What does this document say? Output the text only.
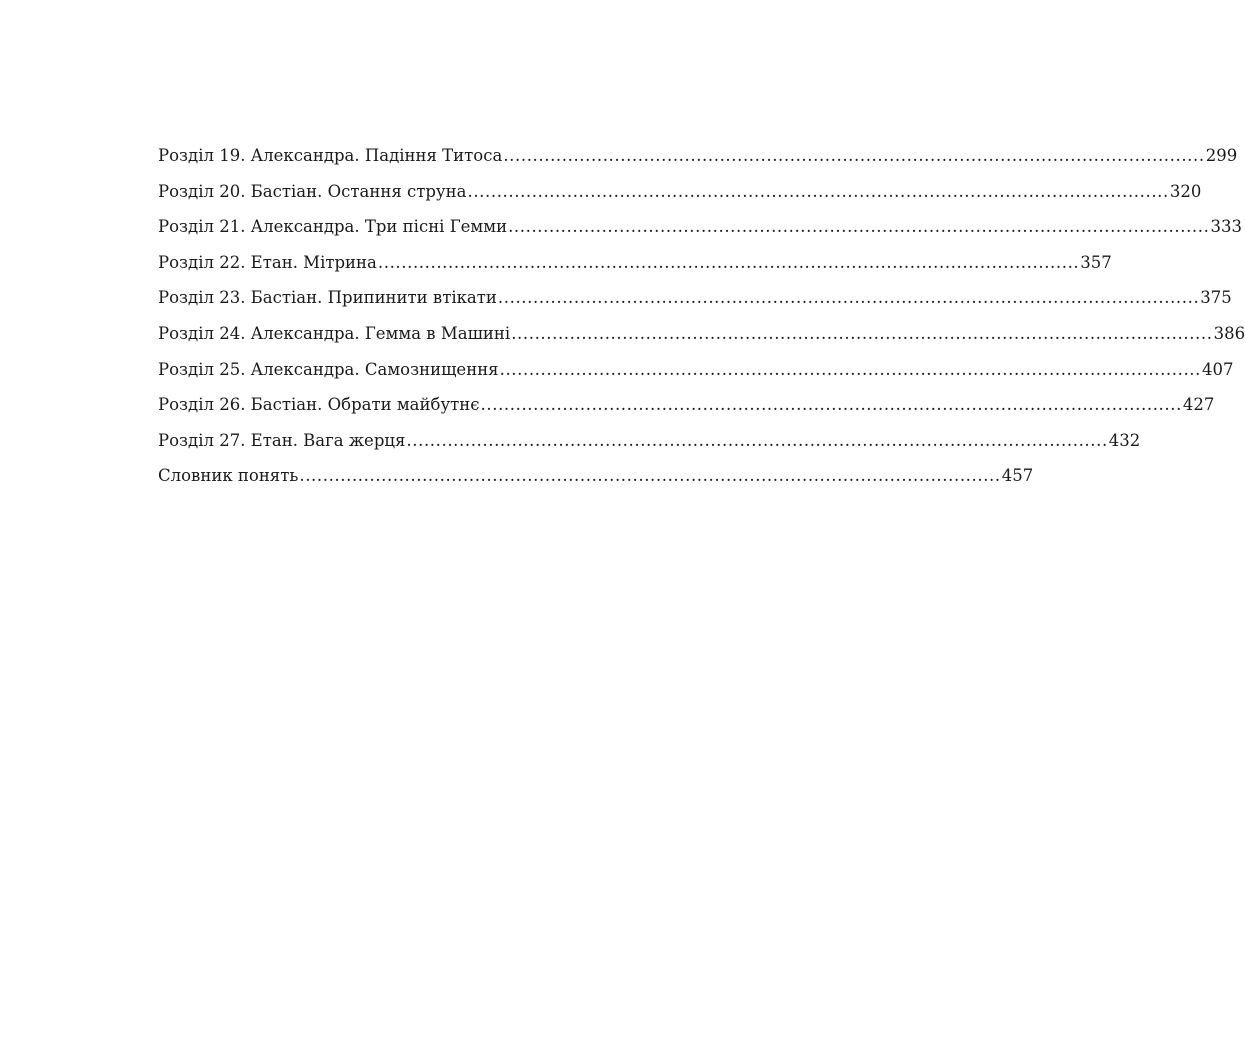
Розділ 19. Александра. Падіння Титоса ........................................................................................................................ 299
Розділ 20. Бастіан. Остання струна ........................................................................................................................ 320
Розділ 21. Александра. Три пісні Гемми ........................................................................................................................ 333
Розділ 22. Етан. Мітрина ........................................................................................................................ 357
Розділ 23. Бастіан. Припинити втікати ........................................................................................................................ 375
Розділ 24. Александра. Гемма в Машині ........................................................................................................................ 386
Розділ 25. Александра. Самознищення ........................................................................................................................ 407
Розділ 26. Бастіан. Обрати майбутнє ........................................................................................................................ 427
Розділ 27. Етан. Вага жерця ........................................................................................................................ 432
Словник понять ........................................................................................................................ 457
